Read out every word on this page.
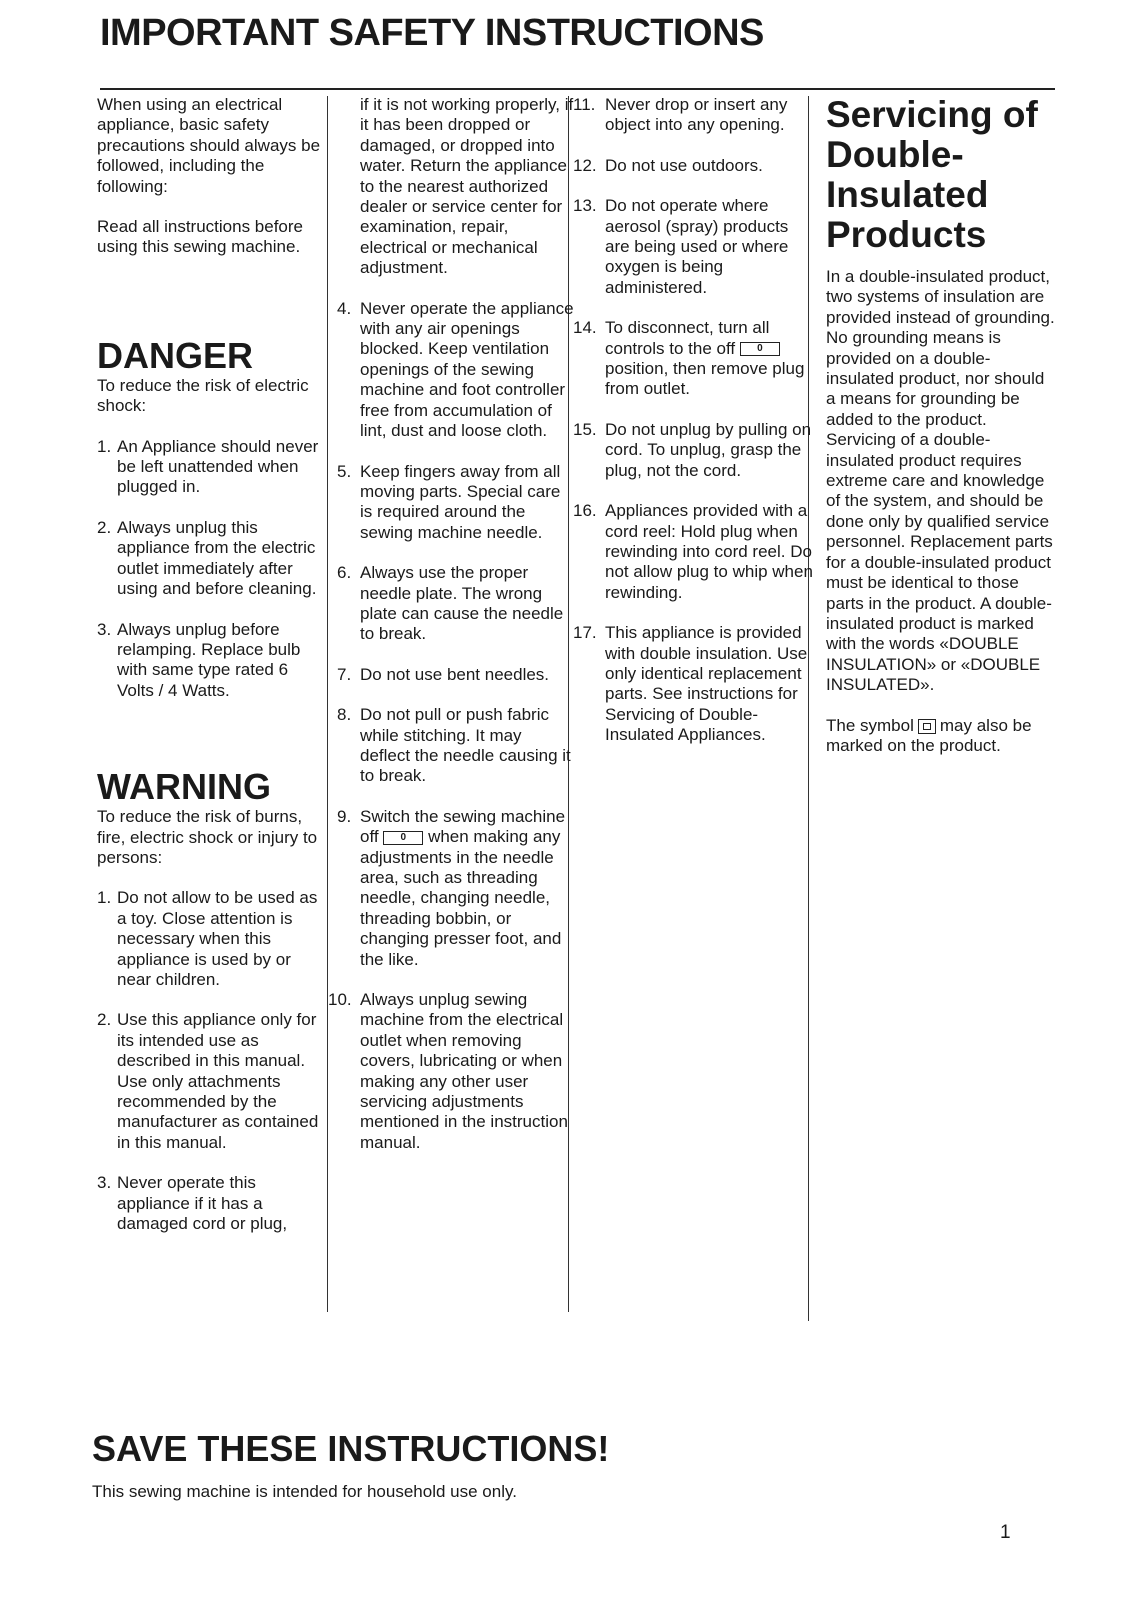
IMPORTANT SAFETY INSTRUCTIONS

When using an electrical appliance, basic safety precautions should always be followed, including the following:

Read all instructions before using this sewing machine.

DANGER

To reduce the risk of electric shock:

1. An Appliance should never be left unattended when plugged in.
2. Always unplug this appliance from the electric outlet immediately after using and before cleaning.
3. Always unplug before relamping. Replace bulb with same type rated 6 Volts / 4 Watts.
WARNING

To reduce the risk of burns, fire, electric shock or injury to persons:

1. Do not allow to be used as a toy. Close attention is necessary when this appliance is used by or near children.
2. Use this appliance only for its intended use as described in this manual. Use only attachments recommended by the manufacturer as contained in this manual.
3. Never operate this appliance if it has a damaged cord or plug,

if it is not working properly, if it has been dropped or damaged, or dropped into water. Return the appliance to the nearest authorized dealer or service center for examination, repair, electrical or mechanical adjustment.

4. Never operate the appliance with any air openings blocked. Keep ventilation openings of the sewing machine and foot controller free from accumulation of lint, dust and loose cloth.
5. Keep fingers away from all moving parts. Special care is required around the sewing machine needle.
6. Always use the proper needle plate. The wrong plate can cause the needle to break.
7. Do not use bent needles.
8. Do not pull or push fabric while stitching. It may deflect the needle causing it to break.
9. Switch the sewing machine off 0 when making any adjustments in the needle area, such as threading needle, changing needle, threading bobbin, or changing presser foot, and the like.
10. Always unplug sewing machine from the electrical outlet when removing covers, lubricating or when making any other user servicing adjustments mentioned in the instruction manual.
11. Never drop or insert any object into any opening.
12. Do not use outdoors.
13. Do not operate where aerosol (spray) products are being used or where oxygen is being administered.
14. To disconnect, turn all controls to the off 0 position, then remove plug from outlet.
15. Do not unplug by pulling on cord. To unplug, grasp the plug, not the cord.
16. Appliances provided with a cord reel: Hold plug when rewinding into cord reel. Do not allow plug to whip when rewinding.
17. This appliance is provided with double insulation. Use only identical replacement parts. See instructions for Servicing of Double-Insulated Appliances.
Servicing of Double-Insulated Products

In a double-insulated product, two systems of insulation are provided instead of grounding. No grounding means is provided on a double-insulated product, nor should a means for grounding be added to the product. Servicing of a double-insulated product requires extreme care and knowledge of the system, and should be done only by qualified service personnel. Replacement parts for a double-insulated product must be identical to those parts in the product. A double-insulated product is marked with the words «DOUBLE INSULATION» or «DOUBLE INSULATED».

The symbol may also be marked on the product.

SAVE THESE INSTRUCTIONS!
This sewing machine is intended for household use only.
1
